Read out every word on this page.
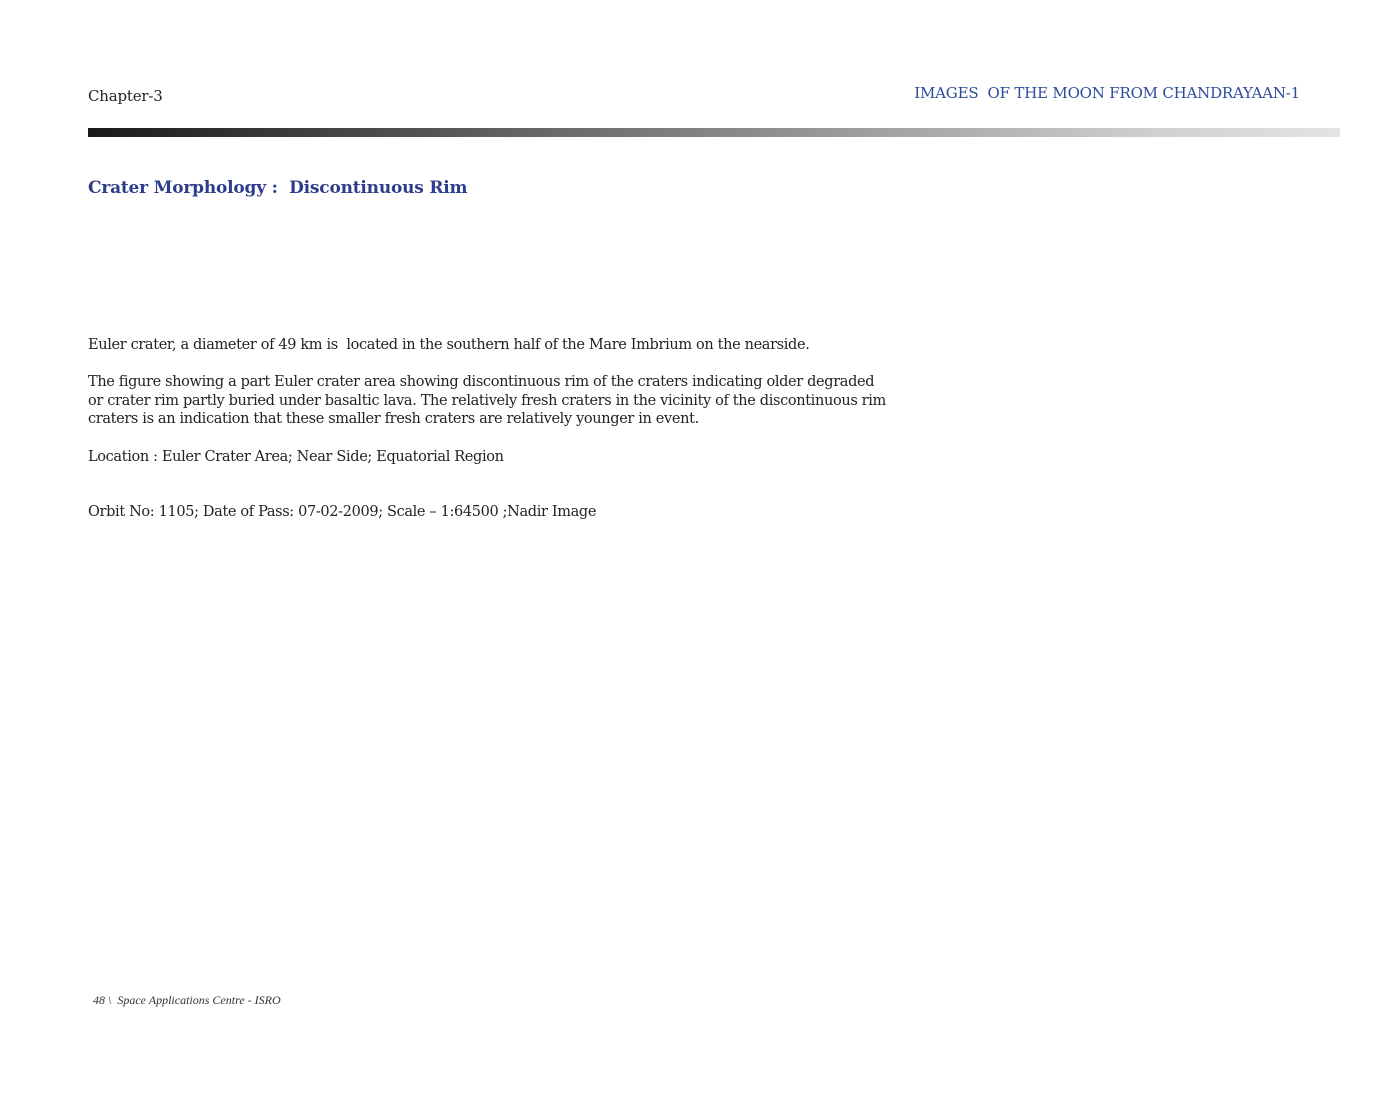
Chapter-3	IMAGES  OF THE MOON FROM CHANDRAYAAN-1
Crater Morphology :  Discontinuous Rim

Euler crater, a diameter of 49 km is  located in the southern half of the Mare Imbrium on the nearside.

The figure showing a part Euler crater area showing discontinuous rim of the craters indicating older degraded
or crater rim partly buried under basaltic lava. The relatively fresh craters in the vicinity of the discontinuous rim
craters is an indication that these smaller fresh craters are relatively younger in event.

Location : Euler Crater Area; Near Side; Equatorial Region

Orbit No: 1105; Date of Pass: 07-02-2009; Scale – 1:64500 ;Nadir Image

48 \  Space Applications Centre - ISRO
